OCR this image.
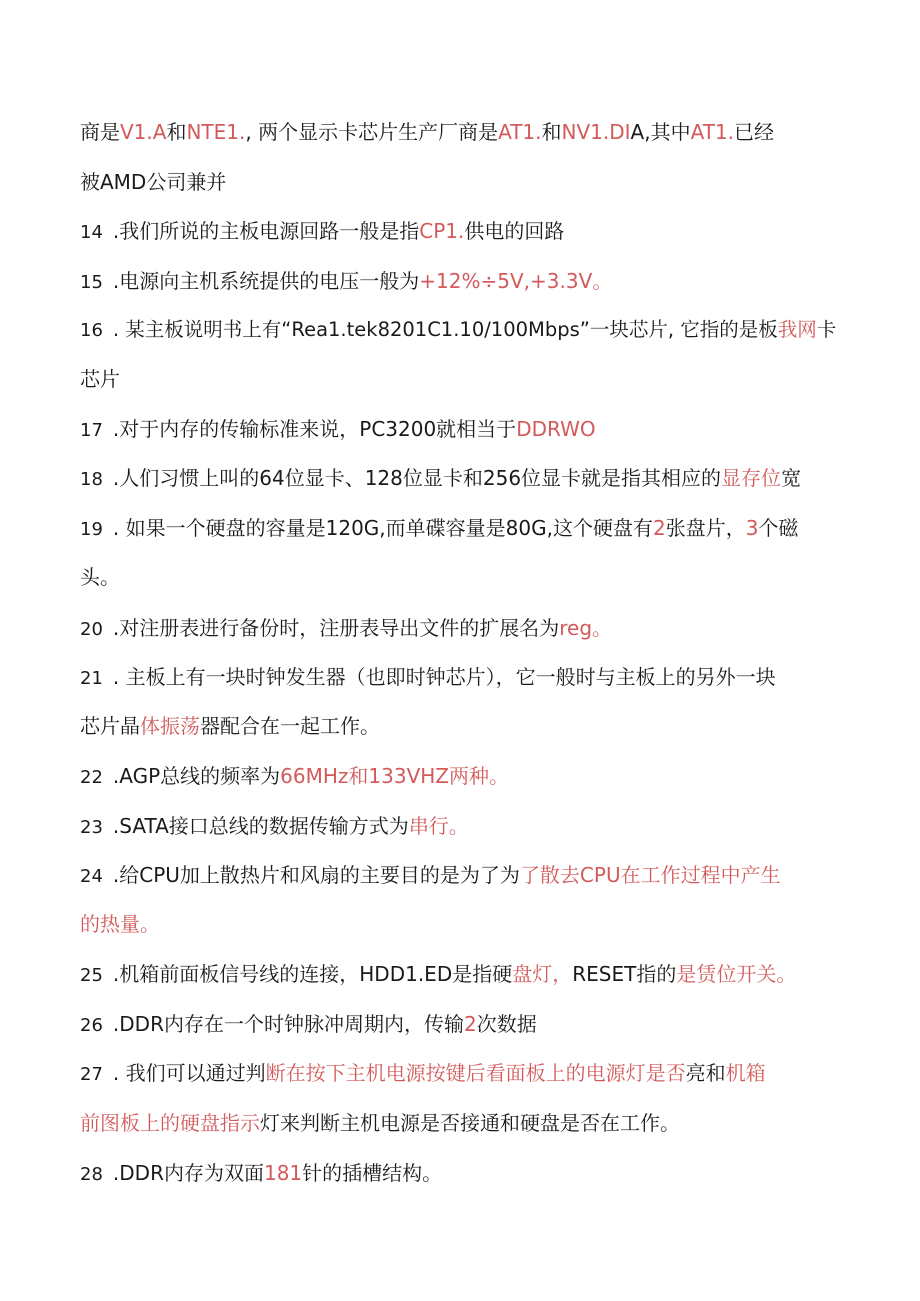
商是V1.A和NTE1., 两个显示卡芯片生产厂商是AT1.和NV1.DIA,其中AT1.已经
被AMD公司兼并
14 .我们所说的主板电源回路一般是指CP1.供电的回路
15 .电源向主机系统提供的电压一般为+12%÷5V,+3.3V。
16 . 某主板说明书上有“Rea1.tek8201C1.10/100Mbps”一块芯片, 它指的是板我网卡
芯片
17 .对于内存的传输标准来说，PC3200就相当于DDRWO
18 .人们习惯上叫的64位显卡、128位显卡和256位显卡就是指其相应的显存位宽
19 . 如果一个硬盘的容量是120G,而单碟容量是80G,这个硬盘有2张盘片，3个磁
头。
20 .对注册表进行备份时，注册表导出文件的扩展名为reg。
21 . 主板上有一块时钟发生器（也即时钟芯片），它一般时与主板上的另外一块
芯片晶体振荡器配合在一起工作。
22 .AGP总线的频率为66MHz和133VHZ两种。
23 .SATA接口总线的数据传输方式为串行。
24 .给CPU加上散热片和风扇的主要目的是为了为了散去CPU在工作过程中产生
的热量。
25 .机箱前面板信号线的连接，HDD1.ED是指硬盘灯，RESET指的是赁位开关。
26 .DDR内存在一个时钟脉冲周期内，传输2次数据
27 . 我们可以通过判断在按下主机电源按键后看面板上的电源灯是否亮和机箱
前图板上的硬盘指示灯来判断主机电源是否接通和硬盘是否在工作。
28 .DDR内存为双面181针的插槽结构。
